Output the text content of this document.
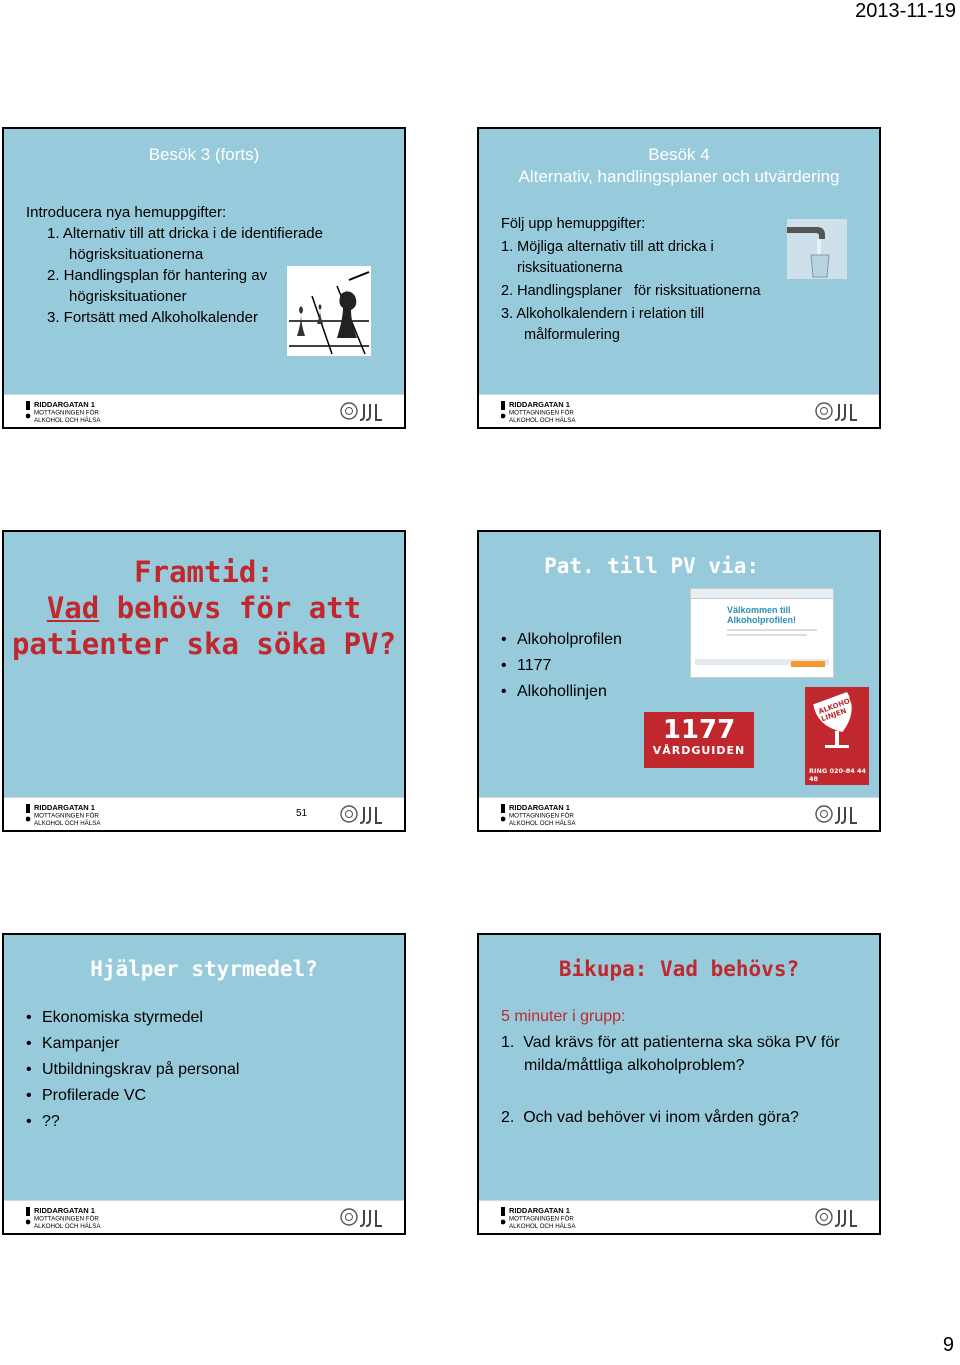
2013-11-19
Besök 3 (forts)
Introducera nya hemuppgifter:
1. Alternativ till att dricka i de identifierade
högrisksituationerna
2. Handlingsplan för hantering av
högrisksituationer
3. Fortsätt med Alkoholkalender
RIDDARGATAN 1
MOTTAGNINGEN FÖR
ALKOHOL OCH HÄLSA
Besök 4
Alternativ, handlingsplaner och utvärdering
Följ upp hemuppgifter:
1. Möjliga alternativ till att dricka i
risksituationerna
2. Handlingsplaner   för risksituationerna
3. Alkoholkalendern i relation till
målformulering
RIDDARGATAN 1
MOTTAGNINGEN FÖR
ALKOHOL OCH HÄLSA
Framtid:
Vad behövs för att
patienter ska söka PV?
RIDDARGATAN 1
MOTTAGNINGEN FÖR
ALKOHOL OCH HÄLSA
51
Pat. till PV via:
• Alkoholprofilen
• 1177
• Alkohollinjen
Välkommen till Alkoholprofilen!
1177
VÅRDGUIDEN
ALKOHOL LINJEN
RING 020-84 44 48
RIDDARGATAN 1
MOTTAGNINGEN FÖR
ALKOHOL OCH HÄLSA
Hjälper styrmedel?
• Ekonomiska styrmedel
• Kampanjer
• Utbildningskrav på personal
• Profilerade VC
• ??
RIDDARGATAN 1
MOTTAGNINGEN FÖR
ALKOHOL OCH HÄLSA
Bikupa: Vad behövs?
5 minuter i grupp:
1.  Vad krävs för att patienterna ska söka PV för
milda/måttliga alkoholproblem?
2.  Och vad behöver vi inom vården göra?
RIDDARGATAN 1
MOTTAGNINGEN FÖR
ALKOHOL OCH HÄLSA
9
